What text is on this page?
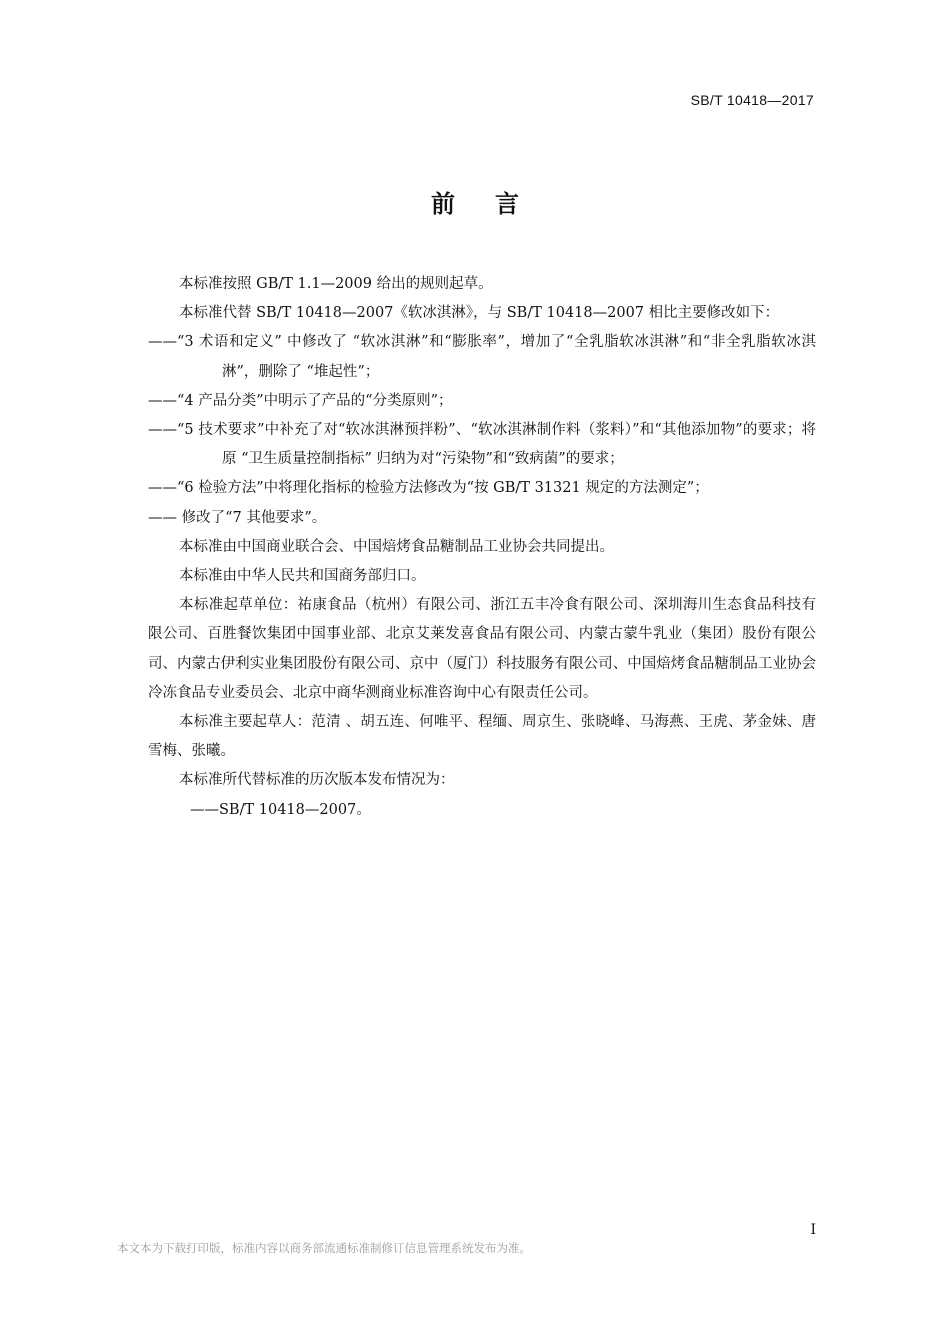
SB/T 10418—2017
前言

本标准按照 GB/T 1.1—2009 给出的规则起草。

本标准代替 SB/T 10418—2007《软冰淇淋》，与 SB/T 10418—2007 相比主要修改如下：

——“3 术语和定义” 中修改了 “软冰淇淋”和“膨胀率”，增加了“全乳脂软冰淇淋”和“非全乳脂软冰淇淋”，删除了 “堆起性”；

——“4 产品分类”中明示了产品的“分类原则”；

——“5 技术要求”中补充了对“软冰淇淋预拌粉”、“软冰淇淋制作料（浆料）”和“其他添加物”的要求；将原 “卫生质量控制指标” 归纳为对“污染物”和“致病菌”的要求；

——“6 检验方法”中将理化指标的检验方法修改为“按 GB/T 31321 规定的方法测定”；

—— 修改了“7 其他要求”。

本标准由中国商业联合会、中国焙烤食品糖制品工业协会共同提出。

本标准由中华人民共和国商务部归口。

本标准起草单位：祐康食品（杭州）有限公司、浙江五丰冷食有限公司、深圳海川生态食品科技有限公司、百胜餐饮集团中国事业部、北京艾莱发喜食品有限公司、内蒙古蒙牛乳业（集团）股份有限公司、内蒙古伊利实业集团股份有限公司、京中（厦门）科技服务有限公司、中国焙烤食品糖制品工业协会冷冻食品专业委员会、北京中商华测商业标准咨询中心有限责任公司。

本标准主要起草人：范清 、胡五连、何唯平、程缅、周京生、张晓峰、马海燕、王虎、茅金妹、唐雪梅、张曦。

本标准所代替标准的历次版本发布情况为：

——SB/T 10418—2007。

I
本文本为下载打印版，标准内容以商务部流通标准制修订信息管理系统发布为准。
